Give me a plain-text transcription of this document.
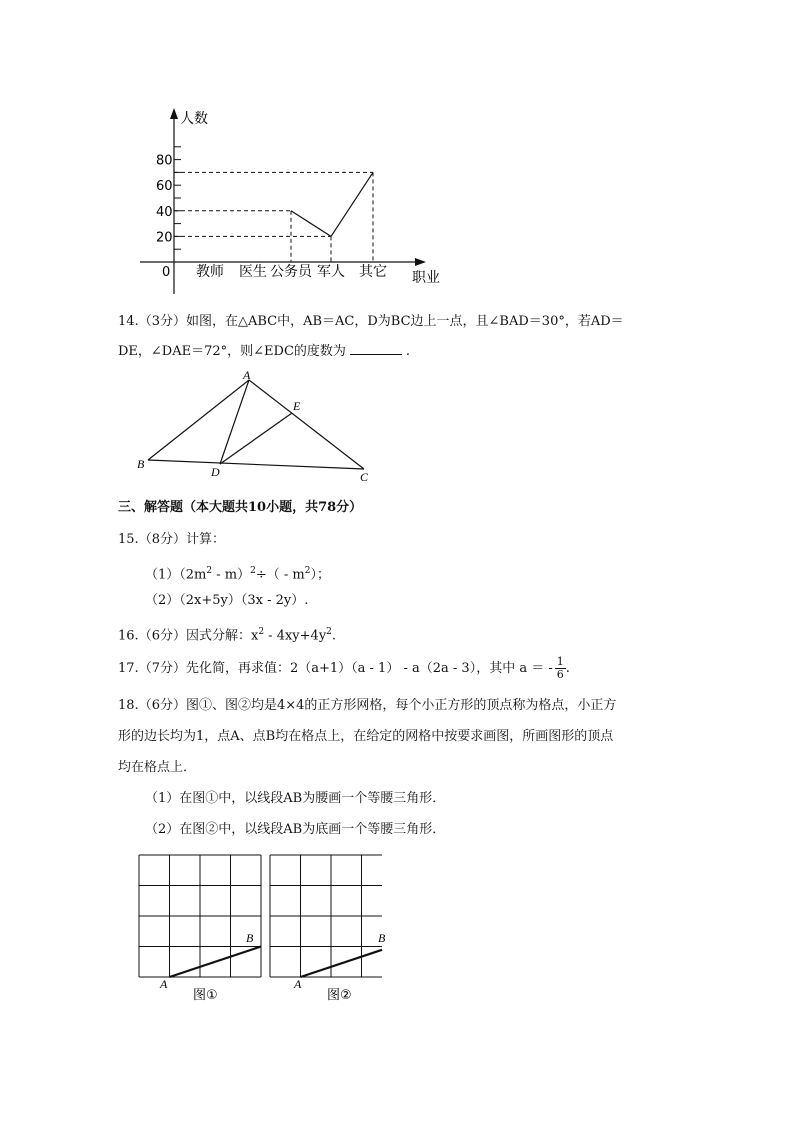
20
40
60
80
教师 医生 公务员 军人 其它
人数
职业
0
14.（3分）如图，在△ABC中，AB＝AC，D为BC边上一点，且∠BAD＝30°，若AD＝
DE，∠DAE＝72°，则∠EDC的度数为	.
A
B
C
D
E
三、解答题（本大题共10小题，共78分）
15.（8分）计算：
$(1)(2m^2 - m)^2\div( - m^2)$；
（2）（2x+5y）（3x - 2y）.
16.（6分）因式分解：$x^2 - 4xy+4y^2$.
17.（7分）先化简，再求值：2（a+1）（a - 1） - a（2a - 3），其中 a ＝ - $\frac{1}{6}$ .
18.（6分）图①、图②均是4×4的正方形网格，每个小正方形的顶点称为格点，小正方
形的边长均为1，点A、点B均在格点上，在给定的网格中按要求画图，所画图形的顶点
均在格点上．
（1）在图①中，以线段AB为腰画一个等腰三角形．
（2）在图②中，以线段AB为底画一个等腰三角形．
A
B
图①
A
B
图②
